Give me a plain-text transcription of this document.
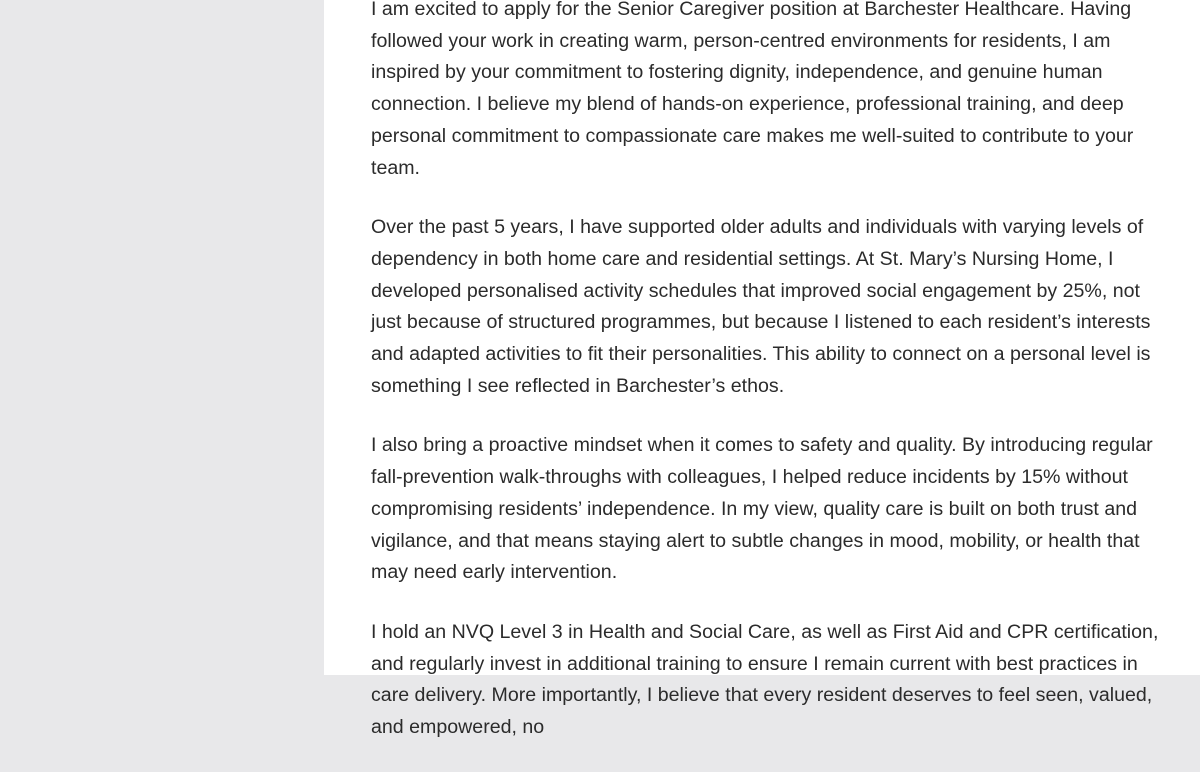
I am excited to apply for the Senior Caregiver position at Barchester Healthcare. Having followed your work in creating warm, person-centred environments for residents, I am inspired by your commitment to fostering dignity, independence, and genuine human connection. I believe my blend of hands-on experience, professional training, and deep personal commitment to compassionate care makes me well-suited to contribute to your team.

Over the past 5 years, I have supported older adults and individuals with varying levels of dependency in both home care and residential settings. At St. Mary’s Nursing Home, I developed personalised activity schedules that improved social engagement by 25%, not just because of structured programmes, but because I listened to each resident’s interests and adapted activities to fit their personalities. This ability to connect on a personal level is something I see reflected in Barchester’s ethos.

I also bring a proactive mindset when it comes to safety and quality. By introducing regular fall-prevention walk-throughs with colleagues, I helped reduce incidents by 15% without compromising residents’ independence. In my view, quality care is built on both trust and vigilance, and that means staying alert to subtle changes in mood, mobility, or health that may need early intervention.

I hold an NVQ Level 3 in Health and Social Care, as well as First Aid and CPR certification, and regularly invest in additional training to ensure I remain current with best practices in care delivery. More importantly, I believe that every resident deserves to feel seen, valued, and empowered, no
